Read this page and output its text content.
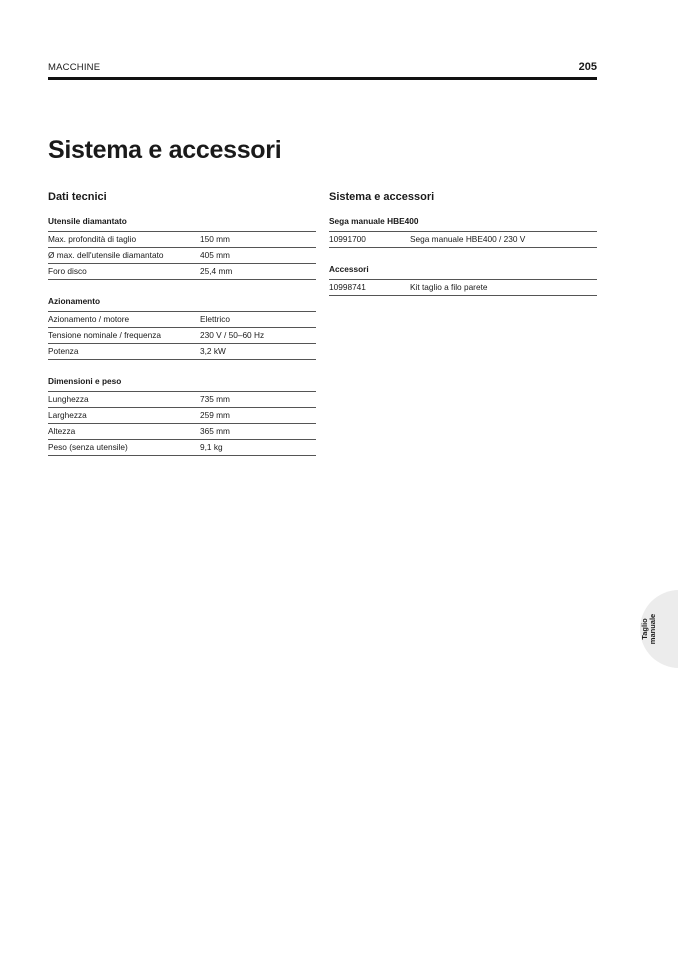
MACCHINE	205
Sistema e accessori
Dati tecnici
Utensile diamantato
Max. profondità di taglio	150 mm
Ø max. dell'utensile diamantato	405 mm
Foro disco	25,4 mm
Azionamento
Azionamento / motore	Elettrico
Tensione nominale / frequenza	230 V / 50–60 Hz
Potenza	3,2 kW
Dimensioni e peso
Lunghezza	735 mm
Larghezza	259 mm
Altezza	365 mm
Peso (senza utensile)	9,1 kg
Sistema e accessori
Sega manuale HBE400
10991700	Sega manuale HBE400 / 230 V
Accessori
10998741	Kit taglio a filo parete
Taglio manuale
